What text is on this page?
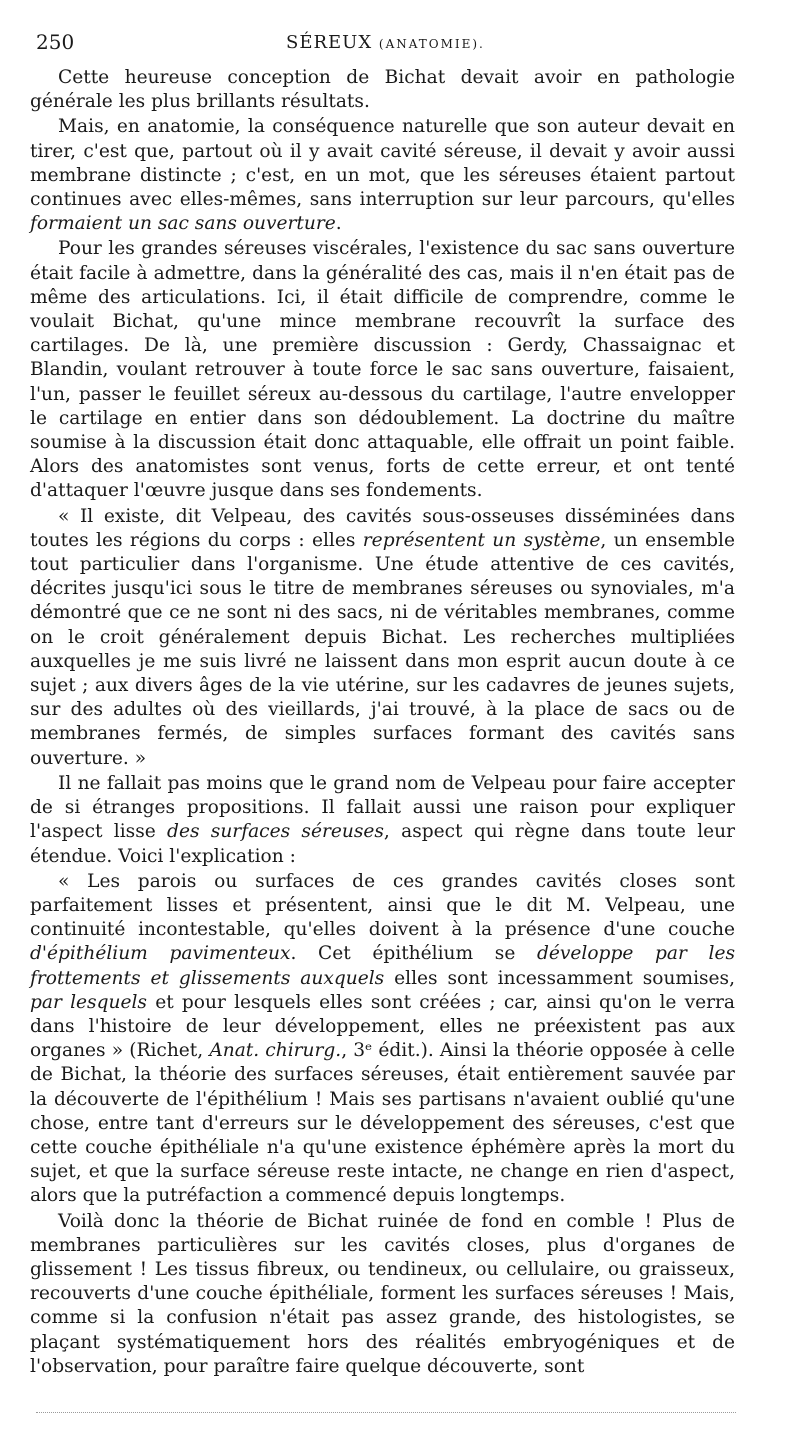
250	SÉREUX (ANATOMIE).

Cette heureuse conception de Bichat devait avoir en pathologie générale les plus brillants résultats.

Mais, en anatomie, la conséquence naturelle que son auteur devait en tirer, c'est que, partout où il y avait cavité séreuse, il devait y avoir aussi membrane distincte ; c'est, en un mot, que les séreuses étaient partout continues avec elles-mêmes, sans interruption sur leur parcours, qu'elles formaient un sac sans ouverture.

Pour les grandes séreuses viscérales, l'existence du sac sans ouverture était facile à admettre, dans la généralité des cas, mais il n'en était pas de même des articulations. Ici, il était difficile de comprendre, comme le voulait Bichat, qu'une mince membrane recouvrît la surface des cartilages. De là, une première discussion : Gerdy, Chassaignac et Blandin, voulant retrouver à toute force le sac sans ouverture, faisaient, l'un, passer le feuillet séreux au-dessous du cartilage, l'autre envelopper le cartilage en entier dans son dédoublement. La doctrine du maître soumise à la discussion était donc attaquable, elle offrait un point faible. Alors des anatomistes sont venus, forts de cette erreur, et ont tenté d'attaquer l'œuvre jusque dans ses fondements.

« Il existe, dit Velpeau, des cavités sous-osseuses disséminées dans toutes les régions du corps : elles représentent un système, un ensemble tout particulier dans l'organisme. Une étude attentive de ces cavités, décrites jusqu'ici sous le titre de membranes séreuses ou synoviales, m'a démontré que ce ne sont ni des sacs, ni de véritables membranes, comme on le croit généralement depuis Bichat. Les recherches multipliées auxquelles je me suis livré ne laissent dans mon esprit aucun doute à ce sujet ; aux divers âges de la vie utérine, sur les cadavres de jeunes sujets, sur des adultes où des vieillards, j'ai trouvé, à la place de sacs ou de membranes fermés, de simples surfaces formant des cavités sans ouverture. »

Il ne fallait pas moins que le grand nom de Velpeau pour faire accepter de si étranges propositions. Il fallait aussi une raison pour expliquer l'aspect lisse des surfaces séreuses, aspect qui règne dans toute leur étendue. Voici l'explication :

« Les parois ou surfaces de ces grandes cavités closes sont parfaitement lisses et présentent, ainsi que le dit M. Velpeau, une continuité incontestable, qu'elles doivent à la présence d'une couche d'épithélium pavimenteux. Cet épithélium se développe par les frottements et glissements auxquels elles sont incessamment soumises, par lesquels et pour lesquels elles sont créées ; car, ainsi qu'on le verra dans l'histoire de leur développement, elles ne préexistent pas aux organes » (Richet, Anat. chirurg., 3ᵉ édit.). Ainsi la théorie opposée à celle de Bichat, la théorie des surfaces séreuses, était entièrement sauvée par la découverte de l'épithélium ! Mais ses partisans n'avaient oublié qu'une chose, entre tant d'erreurs sur le développement des séreuses, c'est que cette couche épithéliale n'a qu'une existence éphémère après la mort du sujet, et que la surface séreuse reste intacte, ne change en rien d'aspect, alors que la putréfaction a commencé depuis longtemps.

Voilà donc la théorie de Bichat ruinée de fond en comble ! Plus de membranes particulières sur les cavités closes, plus d'organes de glissement ! Les tissus fibreux, ou tendineux, ou cellulaire, ou graisseux, recouverts d'une couche épithéliale, forment les surfaces séreuses ! Mais, comme si la confusion n'était pas assez grande, des histologistes, se plaçant systématiquement hors des réalités embryogéniques et de l'observation, pour paraître faire quelque découverte, sont
